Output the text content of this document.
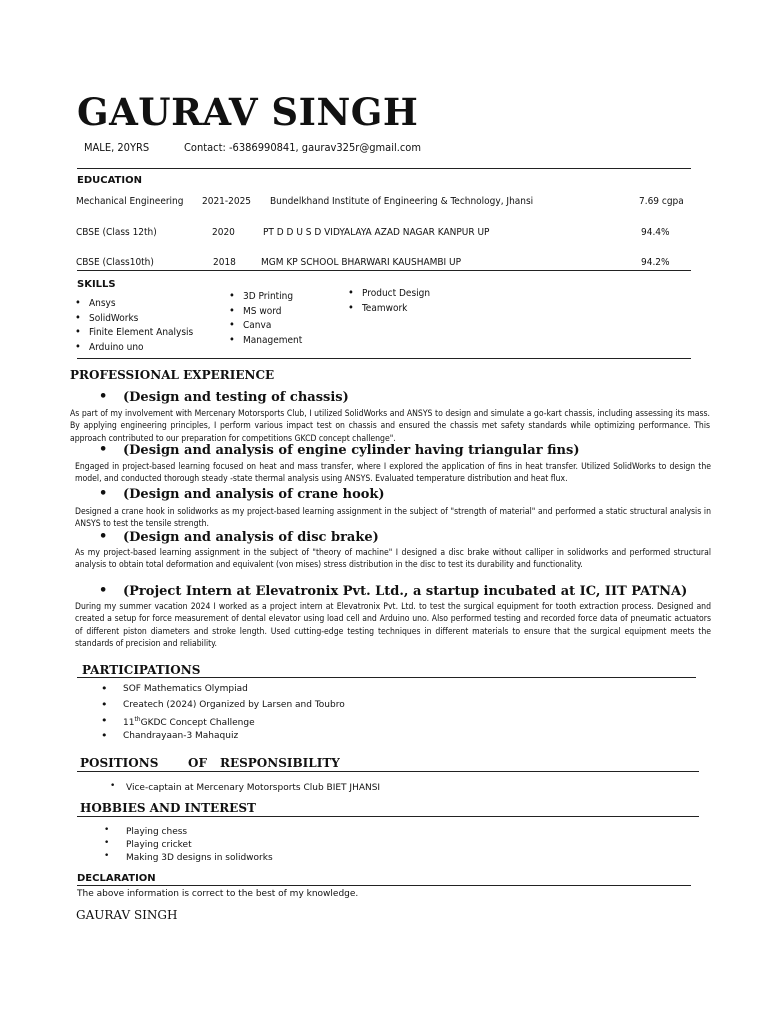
GAURAV SINGH
MALE, 20YRS	Contact: -6386990841, gaurav325r@gmail.com
EDUCATION
Mechanical Engineering 2021-2025 Bundelkhand Institute of Engineering & Technology, Jhansi	7.69 cgpa
CBSE (Class 12th)	2020	PT D D U S D VIDYALAYA AZAD NAGAR KANPUR UP	94.4%
CBSE (Class10th)	2018	MGM KP SCHOOL BHARWARI KAUSHAMBI UP	94.2%
SKILLS
• Ansys
• SolidWorks
• Finite Element Analysis
• Arduino uno
• 3D Printing
• MS word
• Canva
• Management
• Product Design
• Teamwork
PROFESSIONAL EXPERIENCE
• (Design and testing of chassis)
As part of my involvement with Mercenary Motorsports Club, I utilized SolidWorks and ANSYS to design and simulate a go-kart chassis, including assessing its mass. By applying engineering principles, I perform various impact test on chassis and ensured the chassis met safety standards while optimizing performance. This approach contributed to our preparation for competitions GKCD concept challenge".
• (Design and analysis of engine cylinder having triangular fins)
Engaged in project-based learning focused on heat and mass transfer, where I explored the application of fins in heat transfer. Utilized SolidWorks to design the model, and conducted thorough steady -state thermal analysis using ANSYS. Evaluated temperature distribution and heat flux.
• (Design and analysis of crane hook)
Designed a crane hook in solidworks as my project-based learning assignment in the subject of "strength of material" and performed a static structural analysis in ANSYS to test the tensile strength.
• (Design and analysis of disc brake)
As my project-based learning assignment in the subject of "theory of machine" I designed a disc brake without calliper in solidworks and performed structural analysis to obtain total deformation and equivalent (von mises) stress distribution in the disc to test its durability and functionality.
• (Project Intern at Elevatronix Pvt. Ltd., a startup incubated at IC, IIT PATNA)
During my summer vacation 2024 I worked as a project intern at Elevatronix Pvt. Ltd. to test the surgical equipment for tooth extraction process. Designed and created a setup for force measurement of dental elevator using load cell and Arduino uno. Also performed testing and recorded force data of pneumatic actuators of different piston diameters and stroke length. Used cutting-edge testing techniques in different materials to ensure that the surgical equipment meets the standards of precision and reliability.
PARTICIPATIONS
• SOF Mathematics Olympiad
• Createch (2024) Organized by Larsen and Toubro
• 11thGKDC Concept Challenge
• Chandrayaan-3 Mahaquiz
POSITIONS OF RESPONSIBILITY
• Vice-captain at Mercenary Motorsports Club BIET JHANSI
HOBBIES AND INTEREST
• Playing chess
• Playing cricket
• Making 3D designs in solidworks
DECLARATION
The above information is correct to the best of my knowledge.
GAURAV SINGH
